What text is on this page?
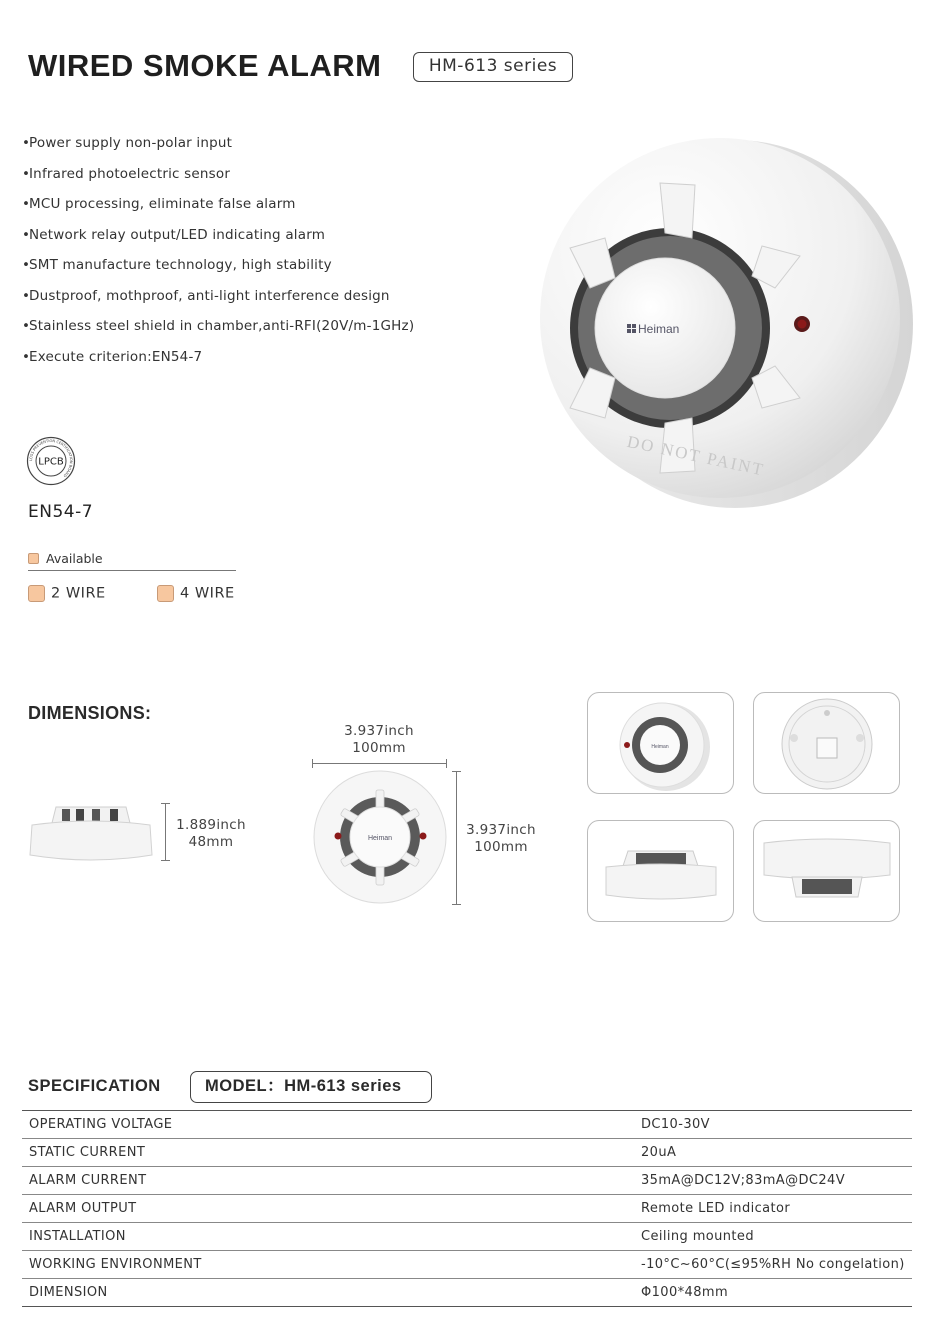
WIRED SMOKE ALARM	HM-613 series
•Power supply non-polar input
•Infrared photoelectric sensor
•MCU processing, eliminate false alarm
•Network relay output/LED indicating alarm
•SMT manufacture technology, high stability
•Dustproof, mothproof, anti-light interference design
•Stainless steel shield in chamber,anti-RFI(20V/m-1GHz)
•Execute criterion:EN54-7
LOSS PREVENTION CERTIFICATION BOARD
LPCB
EN54-7
Available
2 WIRE	4 WIRE
Heiman
DO NOT PAINT
DIMENSIONS:
1.889inch
48mm
3.937inch
100mm
Heiman
3.937inch
100mm
Heiman
SPECIFICATION	MODEL：HM-613 series
OPERATING VOLTAGE	DC10-30V
STATIC CURRENT	20uA
ALARM CURRENT	35mA@DC12V;83mA@DC24V
ALARM OUTPUT	Remote LED indicator
INSTALLATION	Ceiling mounted
WORKING ENVIRONMENT	-10°C~60°C(≤95%RH No congelation)
DIMENSION	Φ100*48mm
